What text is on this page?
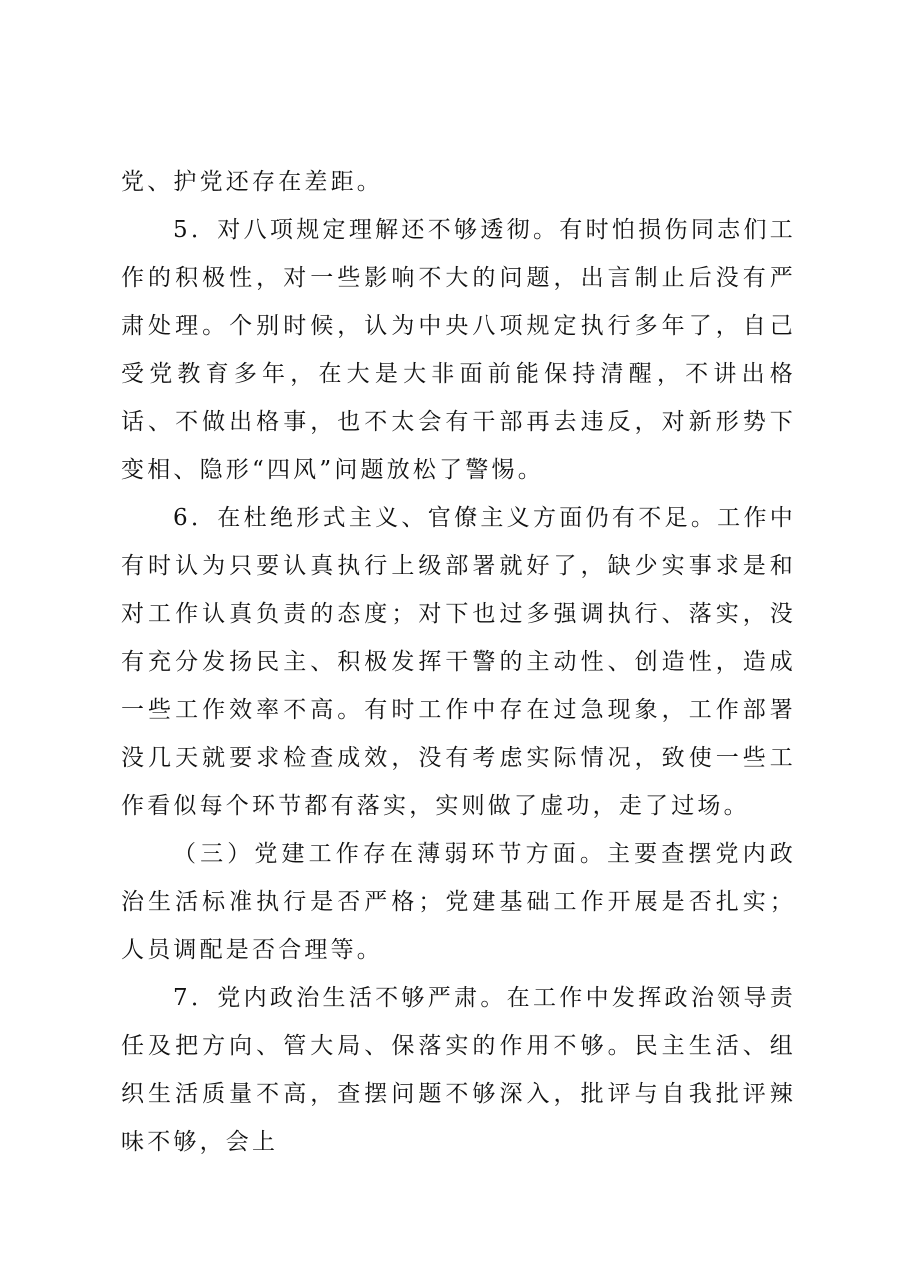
党、护党还存在差距。

5．对八项规定理解还不够透彻。有时怕损伤同志们工作的积极性，对一些影响不大的问题，出言制止后没有严肃处理。个别时候，认为中央八项规定执行多年了，自己受党教育多年，在大是大非面前能保持清醒，不讲出格话、不做出格事，也不太会有干部再去违反，对新形势下变相、隐形“四风”问题放松了警惕。

6．在杜绝形式主义、官僚主义方面仍有不足。工作中有时认为只要认真执行上级部署就好了，缺少实事求是和对工作认真负责的态度；对下也过多强调执行、落实，没有充分发扬民主、积极发挥干警的主动性、创造性，造成一些工作效率不高。有时工作中存在过急现象，工作部署没几天就要求检查成效，没有考虑实际情况，致使一些工作看似每个环节都有落实，实则做了虚功，走了过场。

（三）党建工作存在薄弱环节方面。主要查摆党内政治生活标准执行是否严格；党建基础工作开展是否扎实；人员调配是否合理等。

7．党内政治生活不够严肃。在工作中发挥政治领导责任及把方向、管大局、保落实的作用不够。民主生活、组织生活质量不高，查摆问题不够深入，批评与自我批评辣味不够，会上
